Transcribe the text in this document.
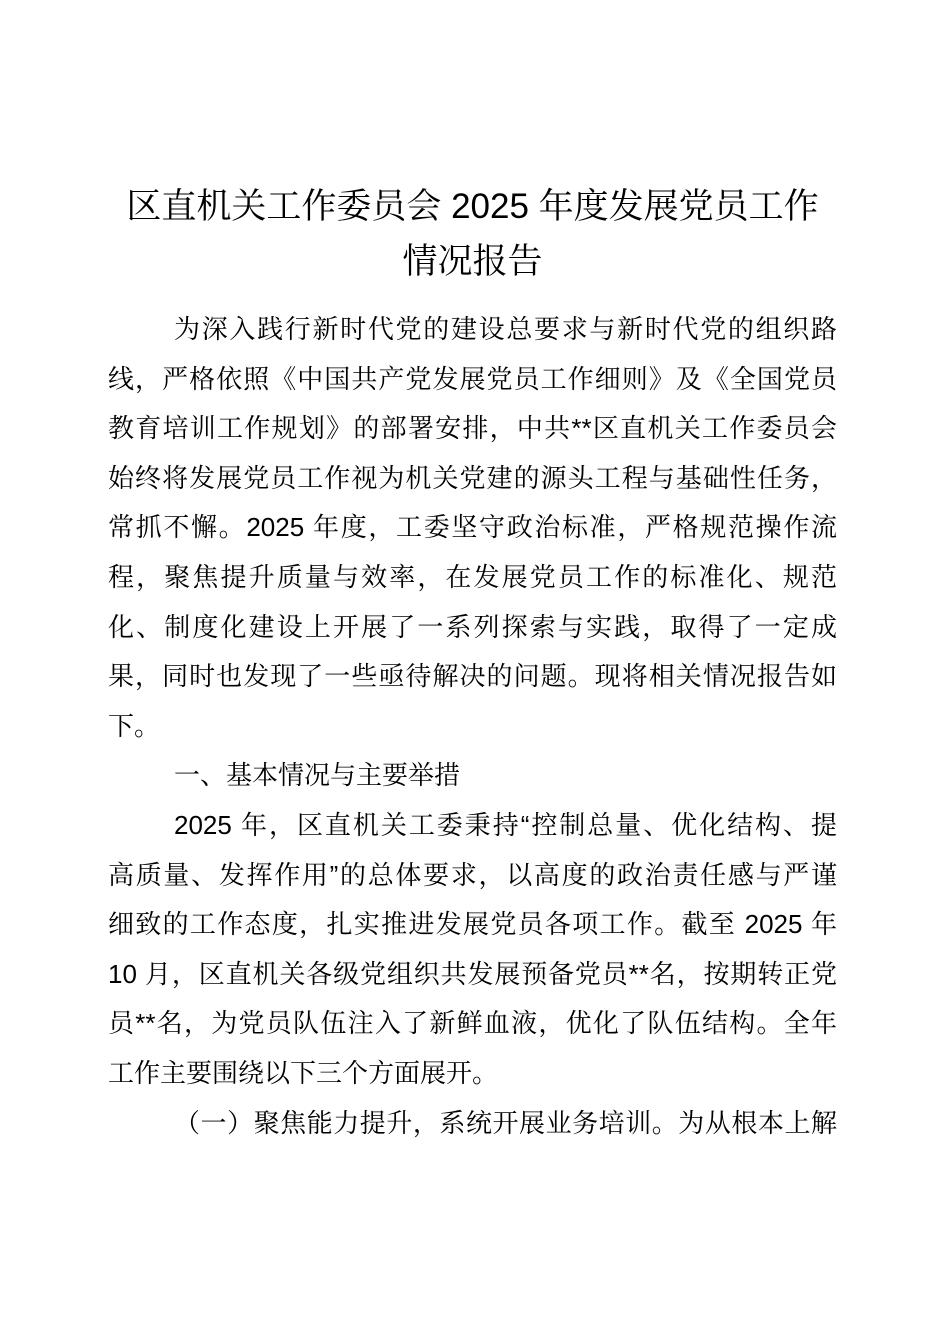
区直机关工作委员会 2025 年度发展党员工作
情况报告
为深入践行新时代党的建设总要求与新时代党的组织路
线，严格依照《中国共产党发展党员工作细则》及《全国党员
教育培训工作规划》的部署安排，中共**区直机关工作委员会
始终将发展党员工作视为机关党建的源头工程与基础性任务，
常抓不懈。2025 年度，工委坚守政治标准，严格规范操作流
程，聚焦提升质量与效率，在发展党员工作的标准化、规范
化、制度化建设上开展了一系列探索与实践，取得了一定成
果，同时也发现了一些亟待解决的问题。现将相关情况报告如
下。
一、基本情况与主要举措
2025 年，区直机关工委秉持“控制总量、优化结构、提
高质量、发挥作用”的总体要求，以高度的政治责任感与严谨
细致的工作态度，扎实推进发展党员各项工作。截至 2025 年
10 月，区直机关各级党组织共发展预备党员**名，按期转正党
员**名，为党员队伍注入了新鲜血液，优化了队伍结构。全年
工作主要围绕以下三个方面展开。
（一）聚焦能力提升，系统开展业务培训。为从根本上解
